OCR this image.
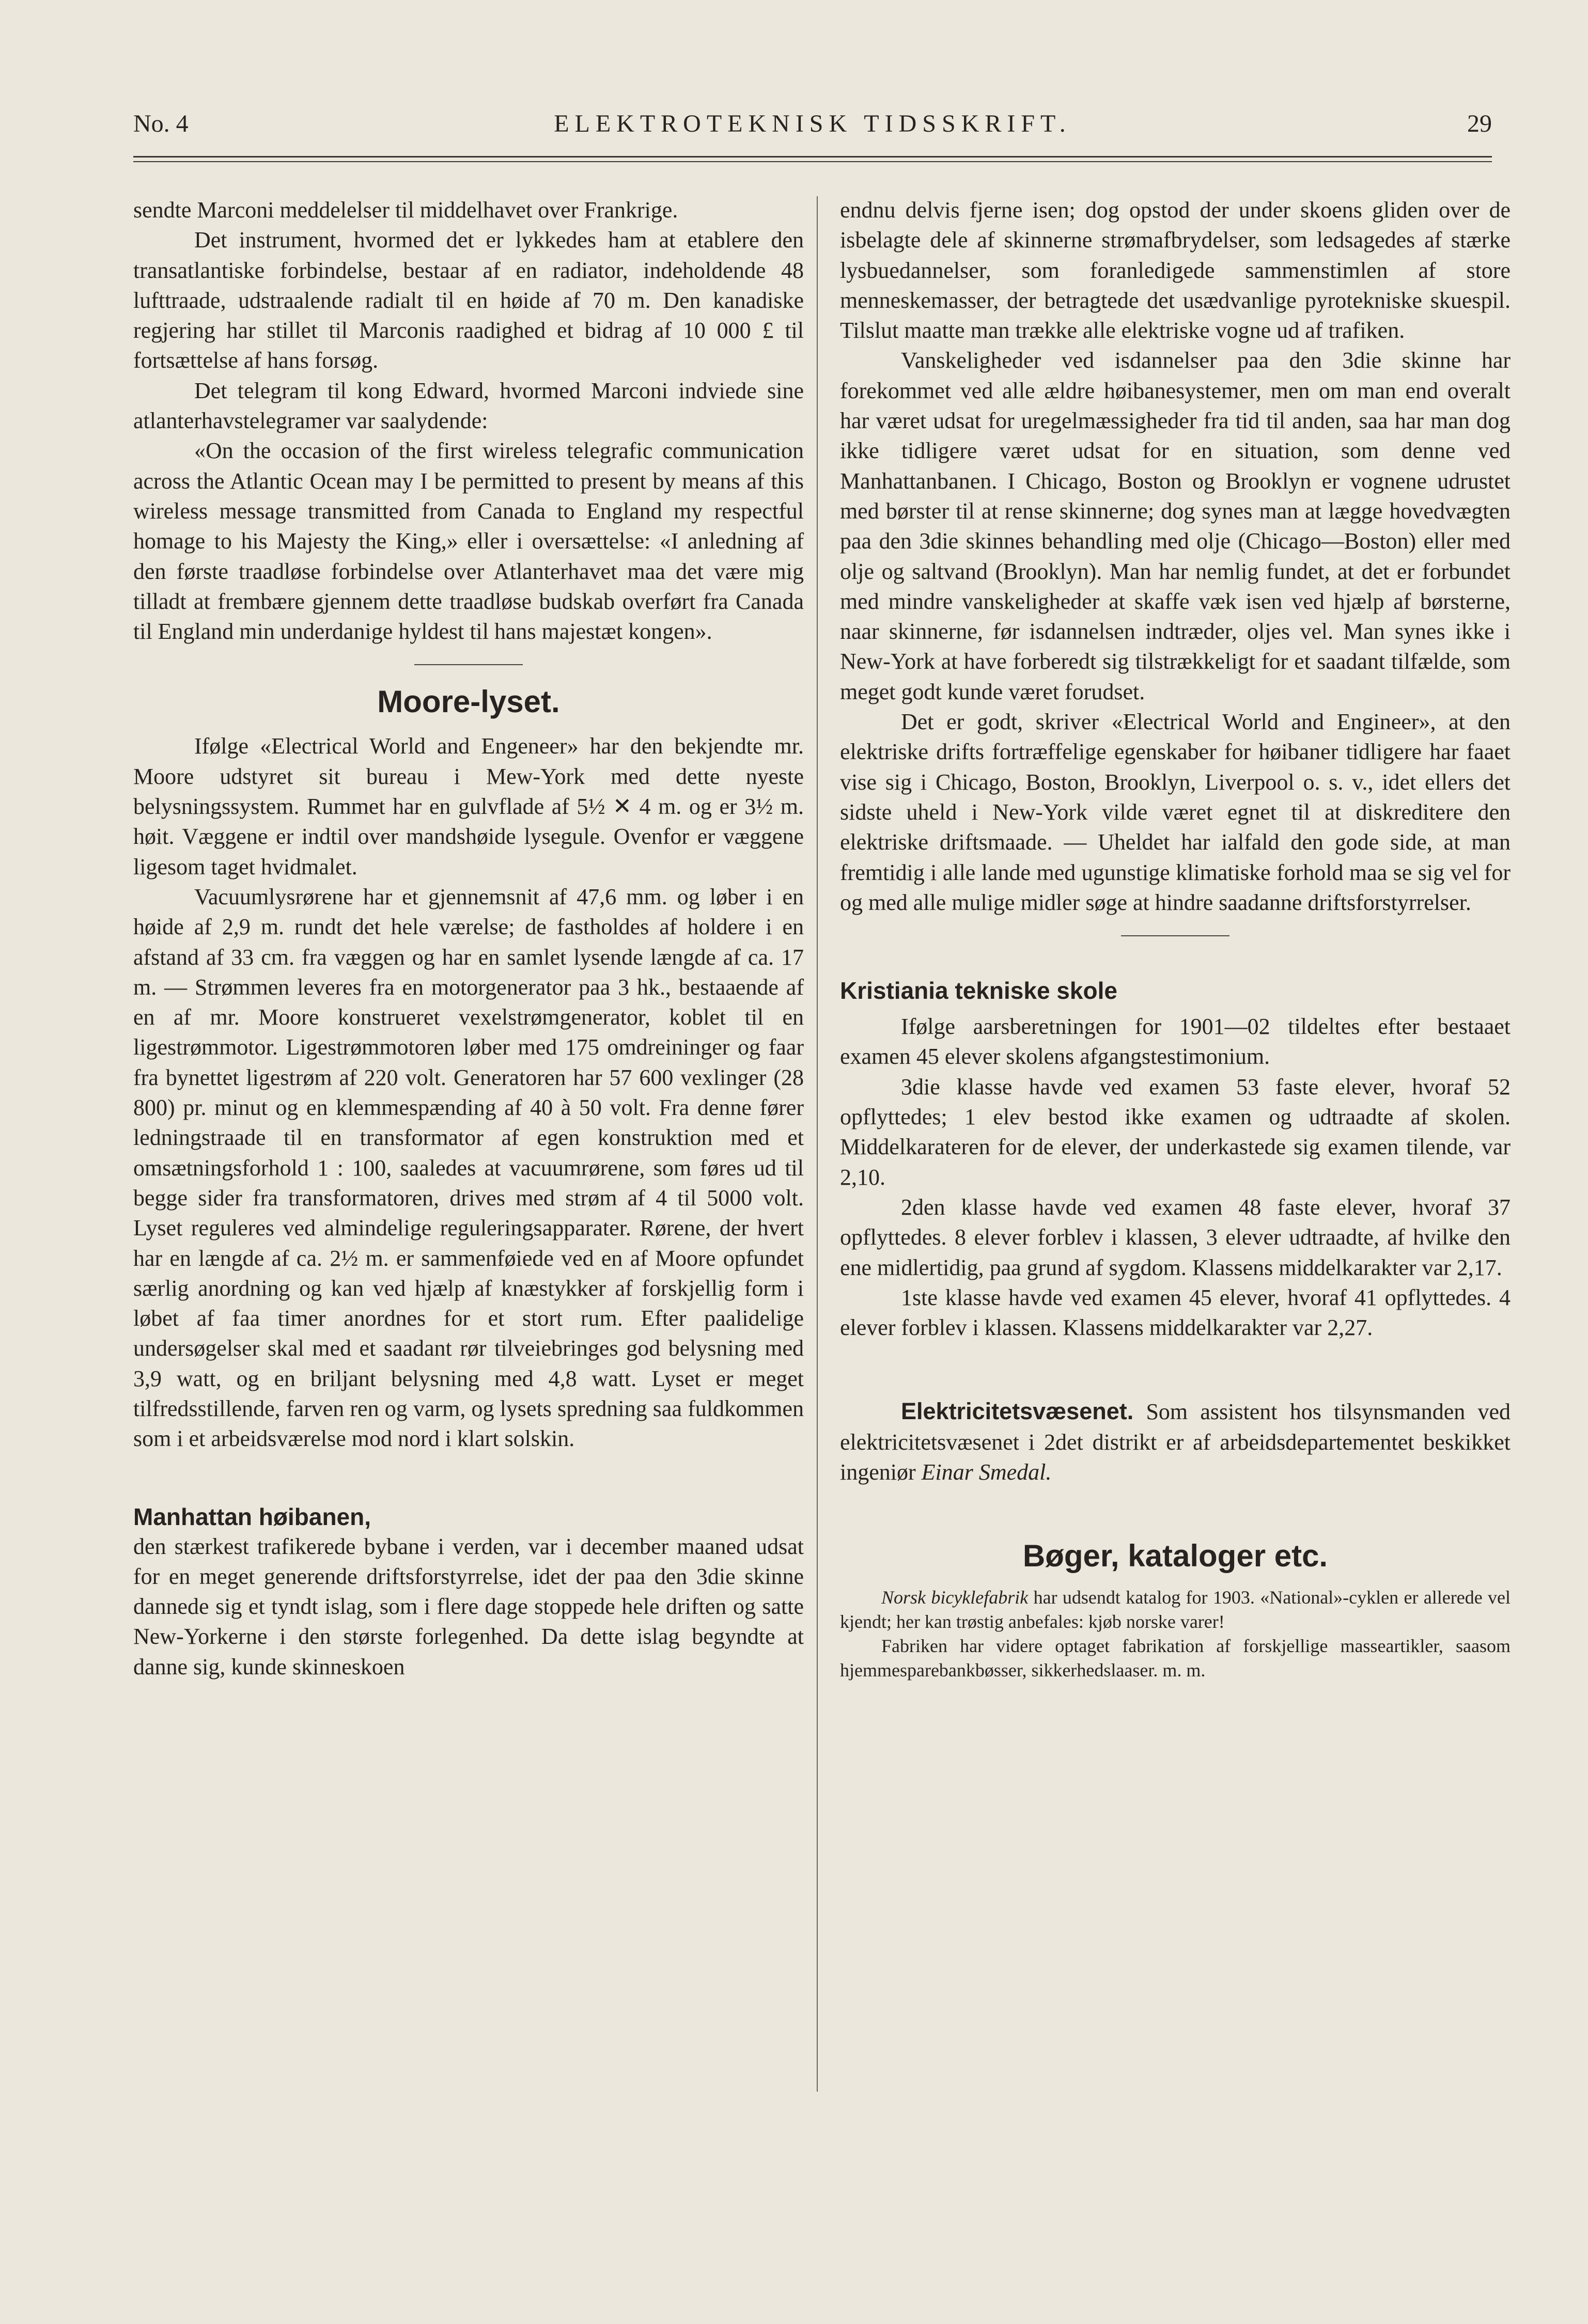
No. 4	ELEKTROTEKNISK TIDSSKRIFT.	29

sendte Marconi meddelelser til middelhavet over Frankrige.

Det instrument, hvormed det er lykkedes ham at etablere den transatlantiske forbindelse, bestaar af en radiator, indeholdende 48 lufttraade, udstraalende radialt til en høide af 70 m. Den kanadiske regjering har stillet til Marconis raadighed et bidrag af 10 000 £ til fortsættelse af hans forsøg.

Det telegram til kong Edward, hvormed Marconi indviede sine atlanterhavstelegramer var saalydende:

«On the occasion of the first wireless telegrafic communication across the Atlantic Ocean may I be permitted to present by means af this wireless message transmitted from Canada to England my respectful homage to his Majesty the King,» eller i oversættelse: «I anledning af den første traadløse forbindelse over Atlanterhavet maa det være mig tilladt at frembære gjennem dette traadløse budskab overført fra Canada til England min underdanige hyldest til hans majestæt kongen».

Moore-lyset.

Ifølge «Electrical World and Engeneer» har den bekjendte mr. Moore udstyret sit bureau i Mew-York med dette nyeste belysningssystem. Rummet har en gulvflade af 5½ ✕ 4 m. og er 3½ m. høit. Væggene er indtil over mandshøide lysegule. Ovenfor er væggene ligesom taget hvidmalet.

Vacuumlysrørene har et gjennemsnit af 47,6 mm. og løber i en høide af 2,9 m. rundt det hele værelse; de fastholdes af holdere i en afstand af 33 cm. fra væggen og har en samlet lysende længde af ca. 17 m. — Strømmen leveres fra en motorgenerator paa 3 hk., bestaaende af en af mr. Moore konstrueret vexelstrømgenerator, koblet til en ligestrømmotor. Ligestrømmotoren løber med 175 omdreininger og faar fra bynettet ligestrøm af 220 volt. Generatoren har 57 600 vexlinger (28 800) pr. minut og en klemmespænding af 40 à 50 volt. Fra denne fører ledningstraade til en transformator af egen konstruktion med et omsætningsforhold 1 : 100, saaledes at vacuumrørene, som føres ud til begge sider fra transformatoren, drives med strøm af 4 til 5000 volt. Lyset reguleres ved almindelige reguleringsapparater. Rørene, der hvert har en længde af ca. 2½ m. er sammenføiede ved en af Moore opfundet særlig anordning og kan ved hjælp af knæstykker af forskjellig form i løbet af faa timer anordnes for et stort rum. Efter paalidelige undersøgelser skal med et saadant rør tilveiebringes god belysning med 3,9 watt, og en briljant belysning med 4,8 watt. Lyset er meget tilfredsstillende, farven ren og varm, og lysets spredning saa fuldkommen som i et arbeidsværelse mod nord i klart solskin.

Manhattan høibanen,

den stærkest trafikerede bybane i verden, var i december maaned udsat for en meget generende driftsforstyrrelse, idet der paa den 3die skinne dannede sig et tyndt islag, som i flere dage stoppede hele driften og satte New-Yorkerne i den største forlegenhed. Da dette islag begyndte at danne sig, kunde skinneskoen

endnu delvis fjerne isen; dog opstod der under skoens gliden over de isbelagte dele af skinnerne strømafbrydelser, som ledsagedes af stærke lysbuedannelser, som foranledigede sammenstimlen af store menneskemasser, der betragtede det usædvanlige pyrotekniske skuespil. Tilslut maatte man trække alle elektriske vogne ud af trafiken.

Vanskeligheder ved isdannelser paa den 3die skinne har forekommet ved alle ældre høibanesystemer, men om man end overalt har været udsat for uregelmæssigheder fra tid til anden, saa har man dog ikke tidligere været udsat for en situation, som denne ved Manhattanbanen. I Chicago, Boston og Brooklyn er vognene udrustet med børster til at rense skinnerne; dog synes man at lægge hovedvægten paa den 3die skinnes behandling med olje (Chicago—Boston) eller med olje og saltvand (Brooklyn). Man har nemlig fundet, at det er forbundet med mindre vanskeligheder at skaffe væk isen ved hjælp af børsterne, naar skinnerne, før isdannelsen indtræder, oljes vel. Man synes ikke i New-York at have forberedt sig tilstrækkeligt for et saadant tilfælde, som meget godt kunde været forudset.

Det er godt, skriver «Electrical World and Engineer», at den elektriske drifts fortræffelige egenskaber for høibaner tidligere har faaet vise sig i Chicago, Boston, Brooklyn, Liverpool o. s. v., idet ellers det sidste uheld i New-York vilde været egnet til at diskreditere den elektriske driftsmaade. — Uheldet har ialfald den gode side, at man fremtidig i alle lande med ugunstige klimatiske forhold maa se sig vel for og med alle mulige midler søge at hindre saadanne driftsforstyrrelser.

Kristiania tekniske skole

Ifølge aarsberetningen for 1901—02 tildeltes efter bestaaet examen 45 elever skolens afgangstestimonium.

3die klasse havde ved examen 53 faste elever, hvoraf 52 opflyttedes; 1 elev bestod ikke examen og udtraadte af skolen. Middelkarateren for de elever, der underkastede sig examen tilende, var 2,10.

2den klasse havde ved examen 48 faste elever, hvoraf 37 opflyttedes. 8 elever forblev i klassen, 3 elever udtraadte, af hvilke den ene midlertidig, paa grund af sygdom. Klassens middelkarakter var 2,17.

1ste klasse havde ved examen 45 elever, hvoraf 41 opflyttedes. 4 elever forblev i klassen. Klassens middelkarakter var 2,27.

Elektricitetsvæsenet. Som assistent hos tilsynsmanden ved elektricitetsvæsenet i 2det distrikt er af arbeidsdepartementet beskikket ingeniør Einar Smedal.

Bøger, kataloger etc.

Norsk bicyklefabrik har udsendt katalog for 1903. «National»-cyklen er allerede vel kjendt; her kan trøstig anbefales: kjøb norske varer!

Fabriken har videre optaget fabrikation af forskjellige masseartikler, saasom hjemmesparebankbøsser, sikkerhedslaaser. m. m.
